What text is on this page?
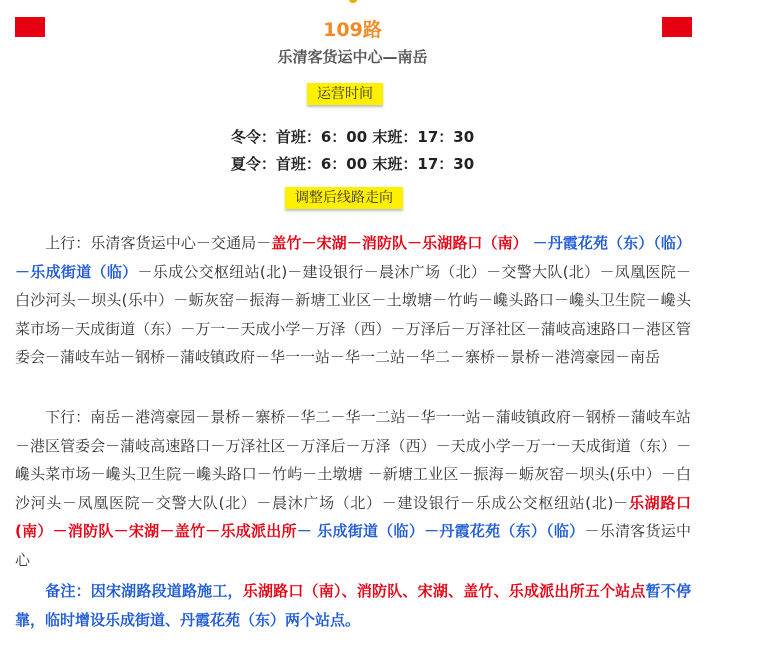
109路
乐清客货运中心—南岳
运营时间
冬令：首班：6：00 末班：17：30
夏令：首班：6：00 末班：17：30
调整后线路走向
  上行：乐清客货运中心－交通局－盖竹－宋湖－消防队－乐湖路口（南） －丹霞花苑（东）（临）－乐成街道（临）－乐成公交枢纽站(北)－建设银行－晨沐广场（北）－交警大队(北）－凤凰医院－白沙河头－坝头(乐中）－蛎灰窑－振海－新塘工业区－土墩塘－竹屿－巉头路口－巉头卫生院－巉头菜市场－天成街道（东）－万一－天成小学－万泽（西）－万泽后－万泽社区－蒲岐高速路口－港区管委会－蒲岐车站－钢桥－蒲岐镇政府－华一一站－华一二站－华二－寨桥－景桥－港湾豪园－南岳
  下行：南岳－港湾豪园－景桥－寨桥－华二－华一二站－华一一站－蒲岐镇政府－钢桥－蒲岐车站－港区管委会－蒲岐高速路口－万泽社区－万泽后－万泽（西）－天成小学－万一－天成街道（东）－巉头菜市场－巉头卫生院－巉头路口－竹屿－土墩塘 －新塘工业区－振海－蛎灰窑－坝头(乐中）－白沙河头－凤凰医院－交警大队(北）－晨沐广场（北）－建设银行－乐成公交枢纽站(北)－乐湖路口(南）－消防队－宋湖－盖竹－乐成派出所－ 乐成街道（临）－丹霞花苑（东）（临）－乐清客货运中心
  备注：因宋湖路段道路施工，乐湖路口（南）、消防队、宋湖、盖竹、乐成派出所五个站点暂不停靠，临时增设乐成街道、丹霞花苑（东）两个站点。
